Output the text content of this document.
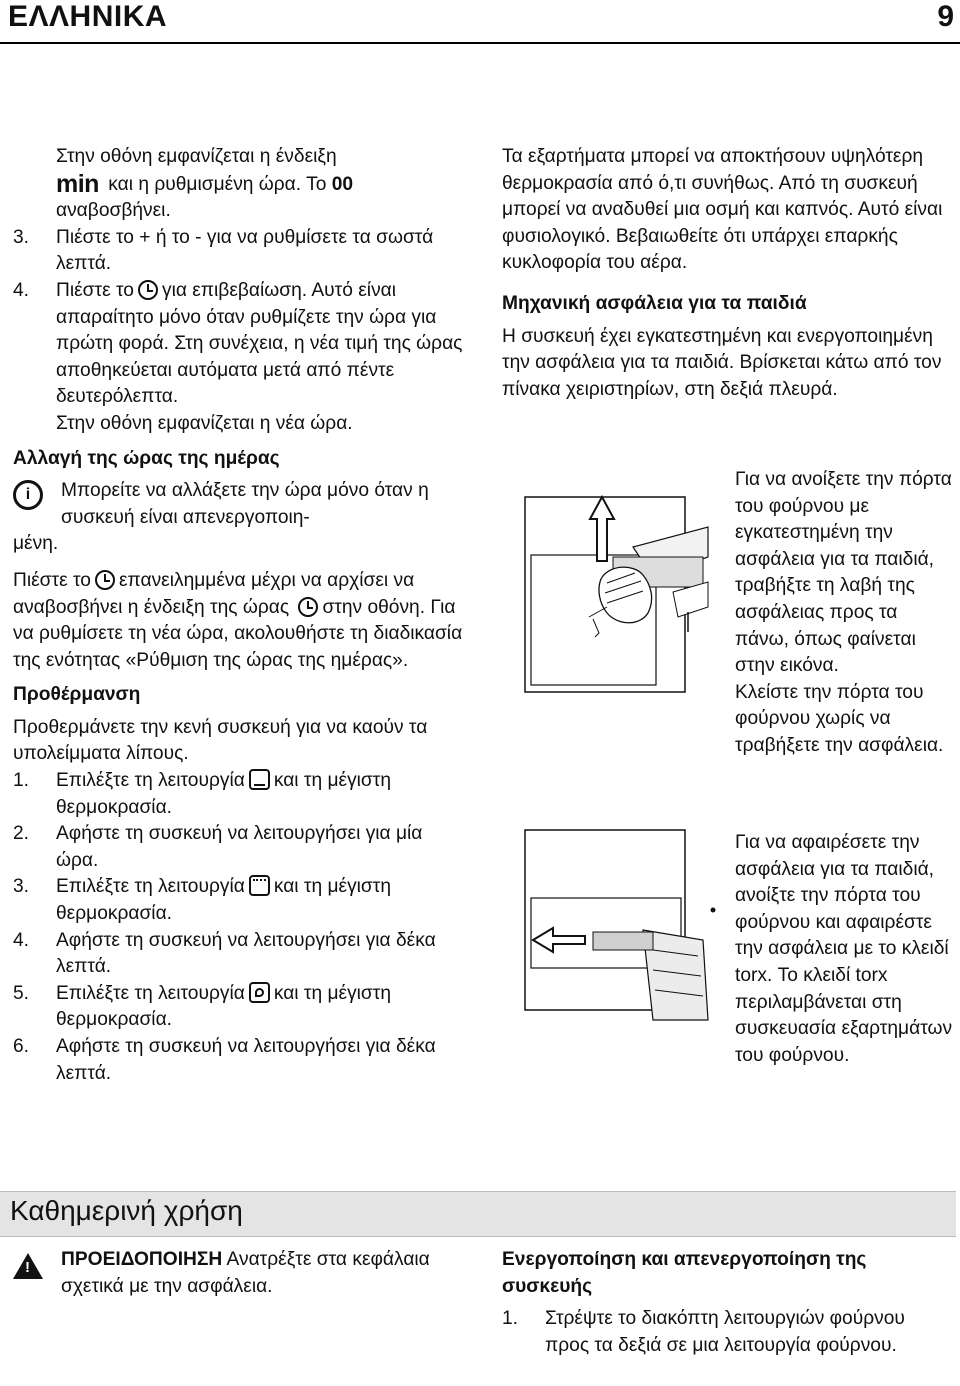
ΕΛΛΗΝΙΚΑ	9

Στην οθόνη εμφανίζεται η ένδειξη

min και η ρυθμισμένη ώρα. Το 00

αναβοσβήνει.

3. Πιέστε το + ή το - για να ρυθμίσετε τα σωστά λεπτά.
4. Πιέστε το για επιβεβαίωση. Αυτό είναι απαραίτητο μόνο όταν ρυθμίζετε την ώρα για πρώτη φορά. Στη συνέχεια, η νέα τιμή της ώρας αποθηκεύεται αυτόματα μετά από πέντε δευτερόλεπτα.
Στην οθόνη εμφανίζεται η νέα ώρα.

Αλλαγή της ώρας της ημέρας

i	Μπορείτε να αλλάξετε την ώρα μόνο όταν η συσκευή είναι απενεργοποιη-
μένη.

Πιέστε το επανειλημμένα μέχρι να αρχίσει να αναβοσβήνει η ένδειξη της ώρας στην οθόνη. Για να ρυθμίσετε τη νέα ώρα, ακολουθήστε τη διαδικασία της ενότητας «Ρύθμιση της ώρας της ημέρας».

Προθέρμανση

Προθερμάνετε την κενή συσκευή για να καούν τα υπολείμματα λίπους.

1. Επιλέξτε τη λειτουργία και τη μέγιστη θερμοκρασία.
2. Αφήστε τη συσκευή να λειτουργήσει για μία ώρα.
3. Επιλέξτε τη λειτουργία και τη μέγιστη θερμοκρασία.
4. Αφήστε τη συσκευή να λειτουργήσει για δέκα λεπτά.
5. Επιλέξτε τη λειτουργία και τη μέγιστη θερμοκρασία.
6. Αφήστε τη συσκευή να λειτουργήσει για δέκα λεπτά.

Τα εξαρτήματα μπορεί να αποκτήσουν υψηλότερη θερμοκρασία από ό,τι συνήθως. Από τη συσκευή μπορεί να αναδυθεί μια οσμή και καπνός. Αυτό είναι φυσιολογικό. Βεβαιωθείτε ότι υπάρχει επαρκής κυκλοφορία του αέρα.

Μηχανική ασφάλεια για τα παιδιά

Η συσκευή έχει εγκατεστημένη και ενεργοποιημένη την ασφάλεια για τα παιδιά. Βρίσκεται κάτω από τον πίνακα χειριστηρίων, στη δεξιά πλευρά.

Για να ανοίξετε την πόρτα του φούρνου με εγκατεστημένη την ασφάλεια για τα παιδιά, τραβήξτε τη λαβή της ασφάλειας προς τα πάνω, όπως φαίνεται στην εικόνα.

Κλείστε την πόρτα του φούρνου χωρίς να τραβήξετε την ασφάλεια.

Για να αφαιρέσετε την ασφάλεια για τα παιδιά, ανοίξτε την πόρτα του φούρνου και αφαιρέστε την ασφάλεια με το κλειδί torx. Το κλειδί torx περιλαμβάνεται στη συσκευασία εξαρτημάτων του φούρνου.

Καθημερινή χρήση
!
ΠΡΟΕΙΔΟΠΟΙΗΣΗ Ανατρέξτε στα κεφάλαια σχετικά με την ασφάλεια.

Ενεργοποίηση και απενεργοποίηση της συσκευής

1. Στρέψτε το διακόπτη λειτουργιών φούρνου προς τα δεξιά σε μια λειτουργία φούρνου.
